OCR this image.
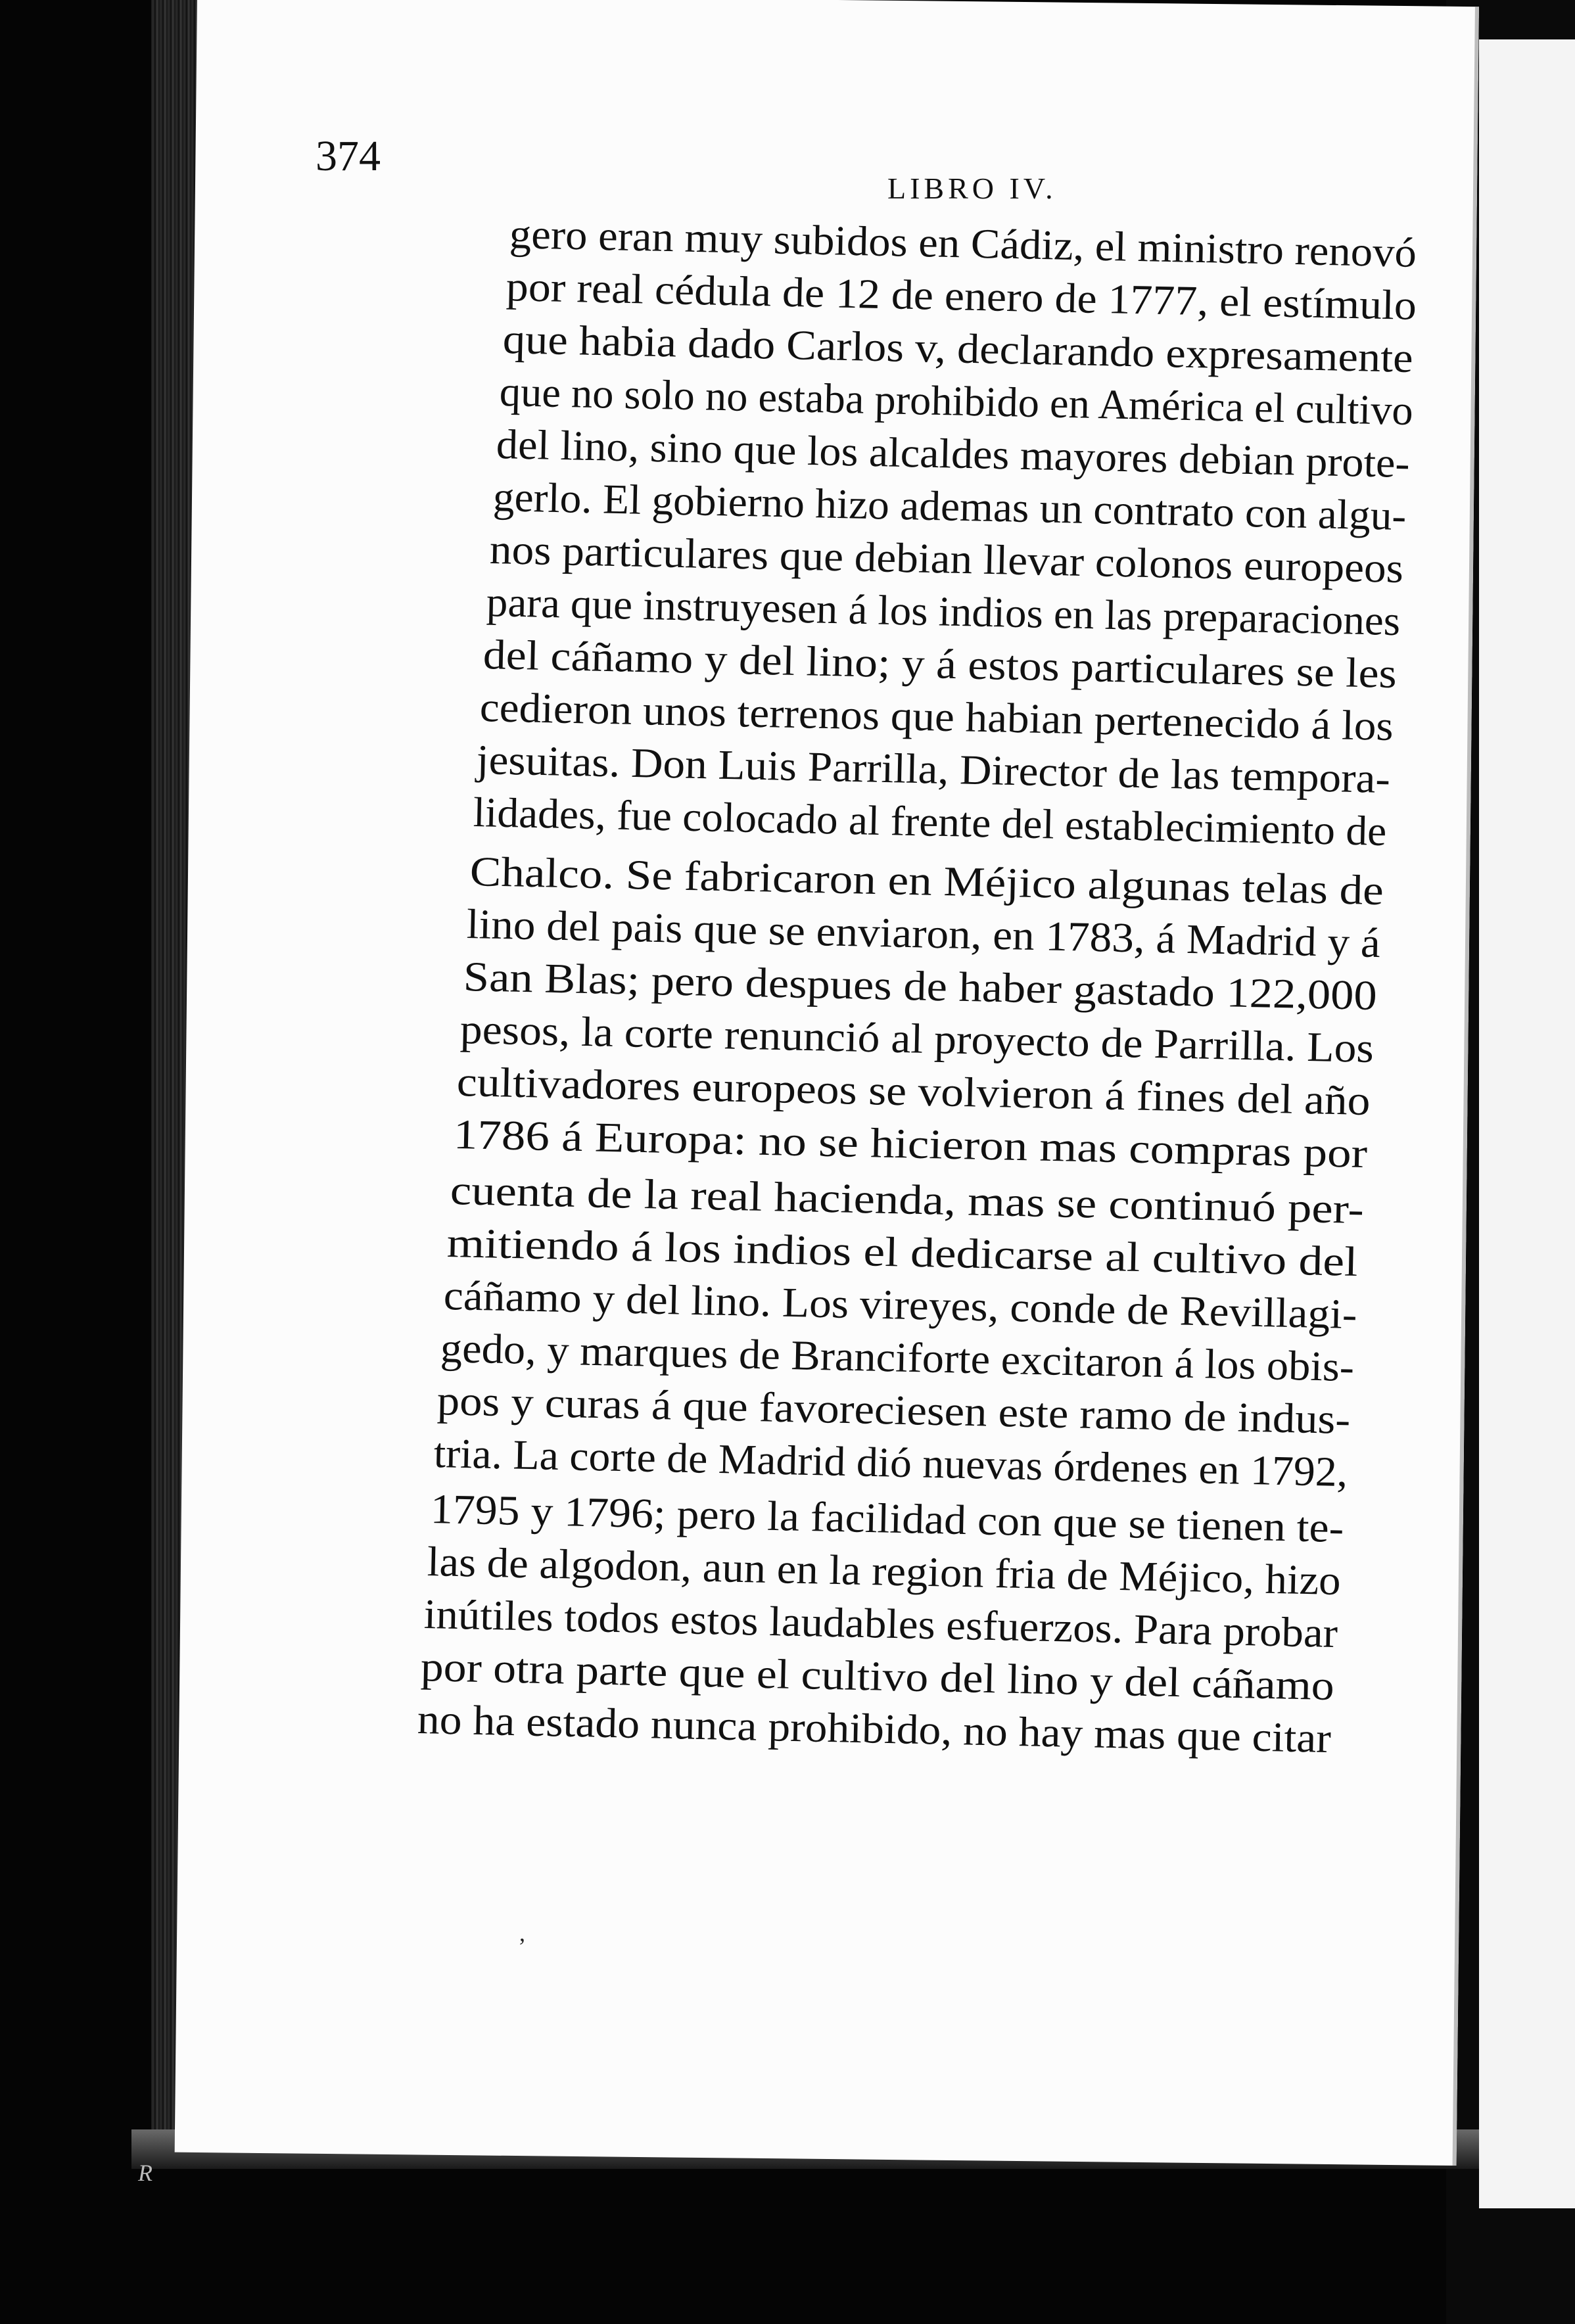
374
LIBRO IV.
gero eran muy subidos en Cádiz, el ministro renovó
por real cédula de 12 de enero de 1777, el estímulo
que habia dado Carlos v, declarando expresamente
que no solo no estaba prohibido en América el cultivo
del lino, sino que los alcaldes mayores debian prote-
gerlo. El gobierno hizo ademas un contrato con algu-
nos particulares que debian llevar colonos europeos
para que instruyesen á los indios en las preparaciones
del cáñamo y del lino; y á estos particulares se les
cedieron unos terrenos que habian pertenecido á los
jesuitas. Don Luis Parrilla, Director de las tempora-
lidades, fue colocado al frente del establecimiento de
Chalco. Se fabricaron en Méjico algunas telas de
lino del pais que se enviaron, en 1783, á Madrid y á
San Blas; pero despues de haber gastado 122,000
pesos, la corte renunció al proyecto de Parrilla. Los
cultivadores europeos se volvieron á fines del año
1786 á Europa: no se hicieron mas compras por
cuenta de la real hacienda, mas se continuó per-
mitiendo á los indios el dedicarse al cultivo del
cáñamo y del lino. Los vireyes, conde de Revillagi-
gedo, y marques de Branciforte excitaron á los obis-
pos y curas á que favoreciesen este ramo de indus-
tria. La corte de Madrid dió nuevas órdenes en 1792,
1795 y 1796; pero la facilidad con que se tienen te-
las de algodon, aun en la region fria de Méjico, hizo
inútiles todos estos laudables esfuerzos. Para probar
por otra parte que el cultivo del lino y del cáñamo
no ha estado nunca prohibido, no hay mas que citar
,
R
